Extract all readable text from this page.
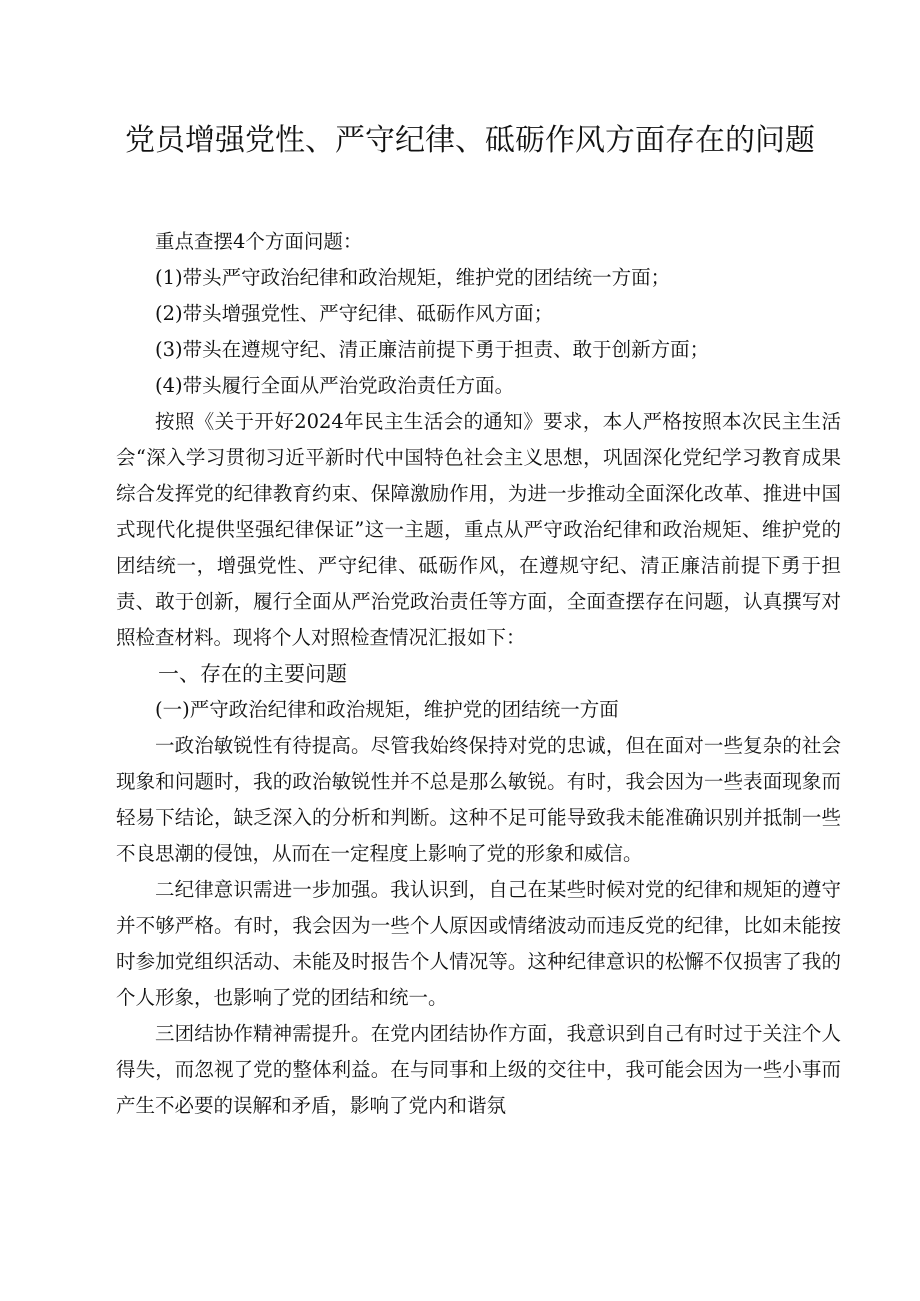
党员增强党性、严守纪律、砥砺作风方面存在的问题

重点查摆4个方面问题：

(1)带头严守政治纪律和政治规矩，维护党的团结统一方面；

(2)带头增强党性、严守纪律、砥砺作风方面；

(3)带头在遵规守纪、清正廉洁前提下勇于担责、敢于创新方面；

(4)带头履行全面从严治党政治责任方面。

按照《关于开好2024年民主生活会的通知》要求，本人严格按照本次民主生活会“深入学习贯彻习近平新时代中国特色社会主义思想，巩固深化党纪学习教育成果综合发挥党的纪律教育约束、保障激励作用，为进一步推动全面深化改革、推进中国式现代化提供坚强纪律保证”这一主题，重点从严守政治纪律和政治规矩、维护党的团结统一，增强党性、严守纪律、砥砺作风，在遵规守纪、清正廉洁前提下勇于担责、敢于创新，履行全面从严治党政治责任等方面，全面查摆存在问题，认真撰写对照检查材料。现将个人对照检查情况汇报如下：

一、存在的主要问题

(一)严守政治纪律和政治规矩，维护党的团结统一方面

一政治敏锐性有待提高。尽管我始终保持对党的忠诚，但在面对一些复杂的社会现象和问题时，我的政治敏锐性并不总是那么敏锐。有时，我会因为一些表面现象而轻易下结论，缺乏深入的分析和判断。这种不足可能导致我未能准确识别并抵制一些不良思潮的侵蚀，从而在一定程度上影响了党的形象和威信。

二纪律意识需进一步加强。我认识到，自己在某些时候对党的纪律和规矩的遵守并不够严格。有时，我会因为一些个人原因或情绪波动而违反党的纪律，比如未能按时参加党组织活动、未能及时报告个人情况等。这种纪律意识的松懈不仅损害了我的个人形象，也影响了党的团结和统一。

三团结协作精神需提升。在党内团结协作方面，我意识到自己有时过于关注个人得失，而忽视了党的整体利益。在与同事和上级的交往中，我可能会因为一些小事而产生不必要的误解和矛盾，影响了党内和谐氛
